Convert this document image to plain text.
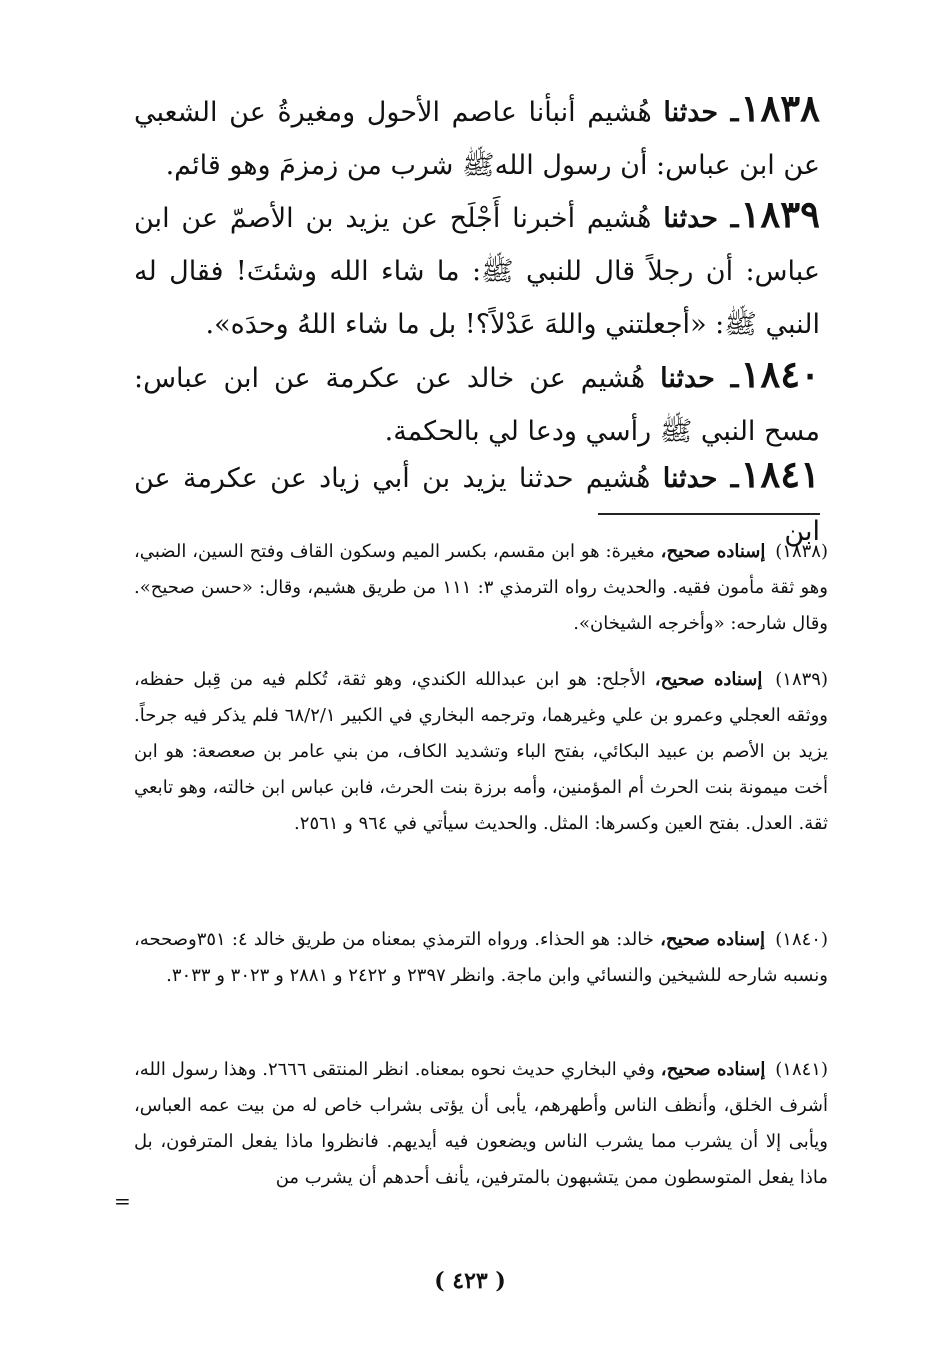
١٨٣٨ـ حدثنا هُشيم أنبأنا عاصم الأحول ومغيرةُ عن الشعبي عن ابن عباس: أن رسول اللهﷺ شرب من زمزمَ وهو قائم.
١٨٣٩ـ حدثنا هُشيم أخبرنا أَجْلَح عن يزيد بن الأصمّ عن ابن عباس: أن رجلاً قال للنبي ﷺ: ما شاء الله وشئتَ! فقال له النبي ﷺ: «أجعلتني واللهَ عَدْلاً؟! بل ما شاء اللهُ وحدَه».
١٨٤٠ـ حدثنا هُشيم عن خالد عن عكرمة عن ابن عباس: مسح النبي ﷺ رأسي ودعا لي بالحكمة.
١٨٤١ـ حدثنا هُشيم حدثنا يزيد بن أبي زياد عن عكرمة عن ابن
(١٨٣٨) إسناده صحيح، مغيرة: هو ابن مقسم، بكسر الميم وسكون القاف وفتح السين، الضبي، وهو ثقة مأمون فقيه. والحديث رواه الترمذي ٣: ١١١ من طريق هشيم، وقال: «حسن صحيح». وقال شارحه: «وأخرجه الشيخان».
(١٨٣٩) إسناده صحيح، الأجلح: هو ابن عبدالله الكندي، وهو ثقة، تُكلم فيه من قِبل حفظه، ووثقه العجلي وعمرو بن علي وغيرهما، وترجمه البخاري في الكبير ٦٨/٢/١ فلم يذكر فيه جرحاً. يزيد بن الأصم بن عبيد البكائي، بفتح الباء وتشديد الكاف، من بني عامر بن صعصعة: هو ابن أخت ميمونة بنت الحرث أم المؤمنين، وأمه برزة بنت الحرث، فابن عباس ابن خالته، وهو تابعي ثقة. العدل. بفتح العين وكسرها: المثل. والحديث سيأتي في ٩٦٤ و ٢٥٦١.
(١٨٤٠) إسناده صحيح، خالد: هو الحذاء. ورواه الترمذي بمعناه من طريق خالد ٤: ٣٥١وصححه، ونسبه شارحه للشيخين والنسائي وابن ماجة. وانظر ٢٣٩٧ و ٢٤٢٢ و ٢٨٨١ و ٣٠٢٣ و ٣٠٣٣.
(١٨٤١) إسناده صحيح، وفي البخاري حديث نحوه بمعناه. انظر المنتقى ٢٦٦٦. وهذا رسول الله، أشرف الخلق، وأنظف الناس وأطهرهم، يأبى أن يؤتى بشراب خاص له من بيت عمه العباس، ويأبى إلا أن يشرب مما يشرب الناس ويضعون فيه أيديهم. فانظروا ماذا يفعل المترفون، بل ماذا يفعل المتوسطون ممن يتشبهون بالمترفين، يأنف أحدهم أن يشرب من
=
( ٤٢٣ )
